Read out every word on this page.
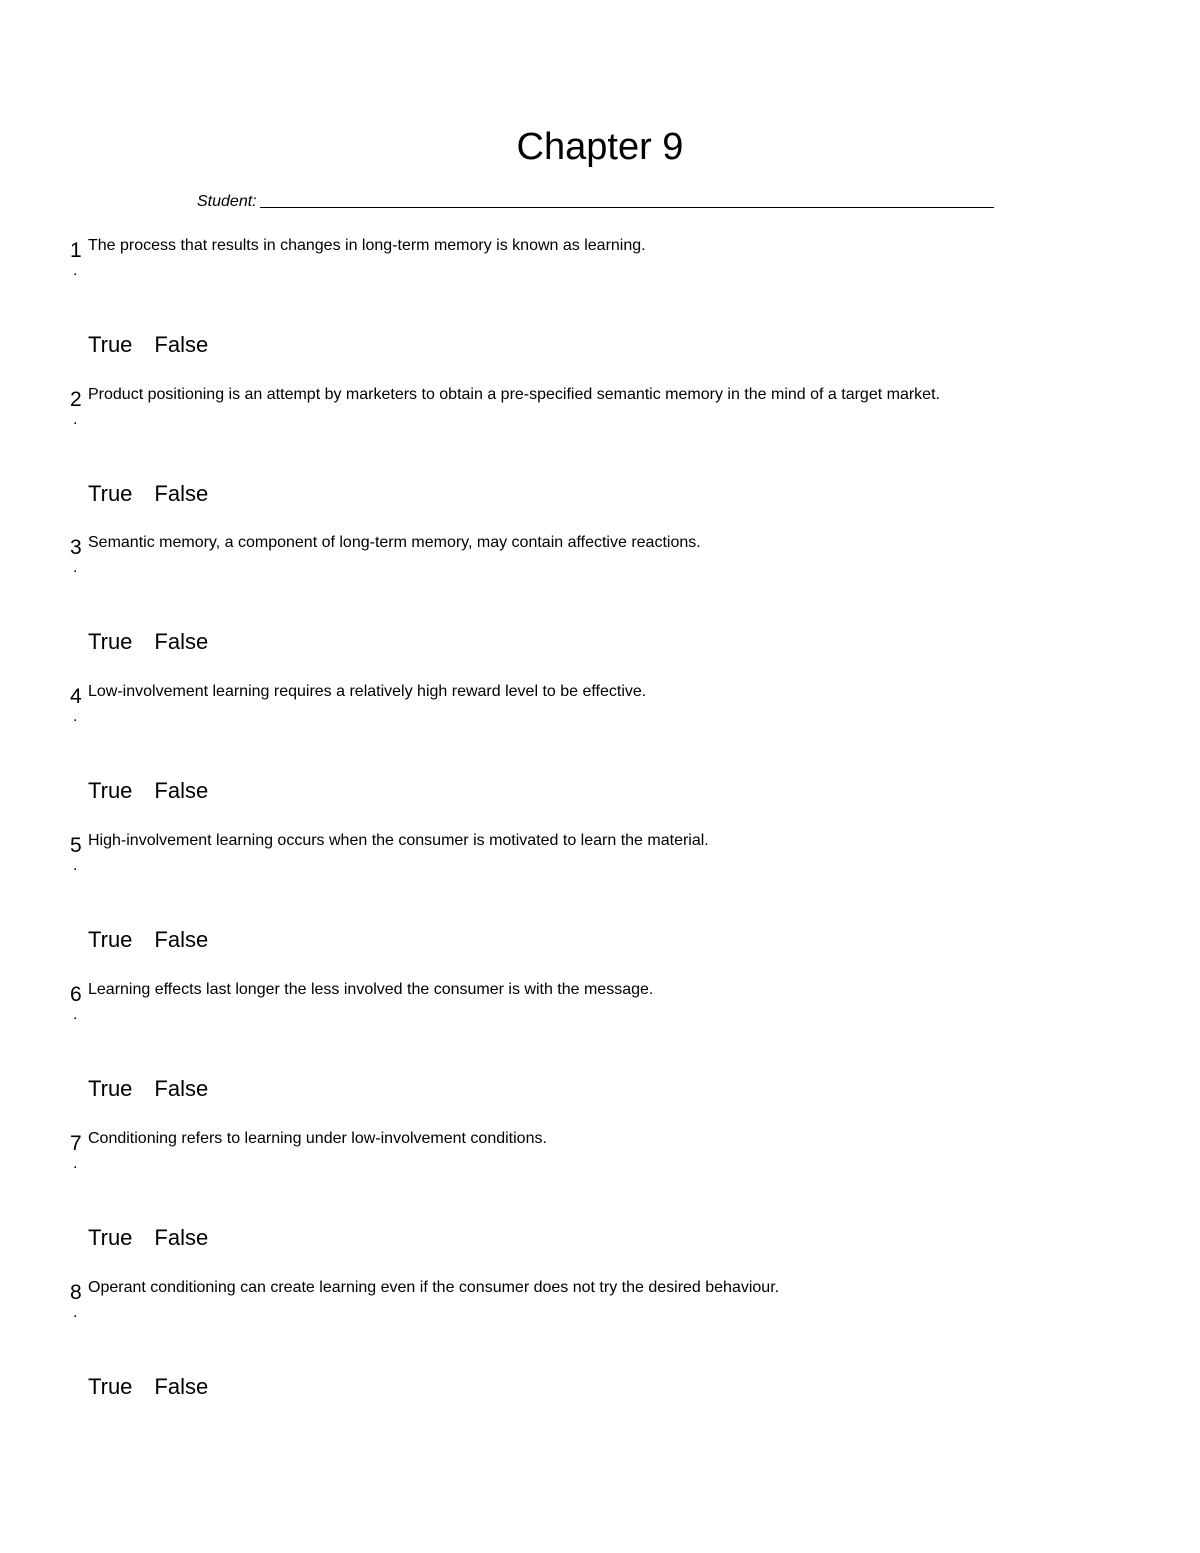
Chapter 9
Student:
1
.
The process that results in changes in long-term memory is known as learning.
True False
2
.
Product positioning is an attempt by marketers to obtain a pre-specified semantic memory in the mind of a target market.
True False
3
.
Semantic memory, a component of long-term memory, may contain affective reactions.
True False
4
.
Low-involvement learning requires a relatively high reward level to be effective.
True False
5
.
High-involvement learning occurs when the consumer is motivated to learn the material.
True False
6
.
Learning effects last longer the less involved the consumer is with the message.
True False
7
.
Conditioning refers to learning under low-involvement conditions.
True False
8
.
Operant conditioning can create learning even if the consumer does not try the desired behaviour.
True False
